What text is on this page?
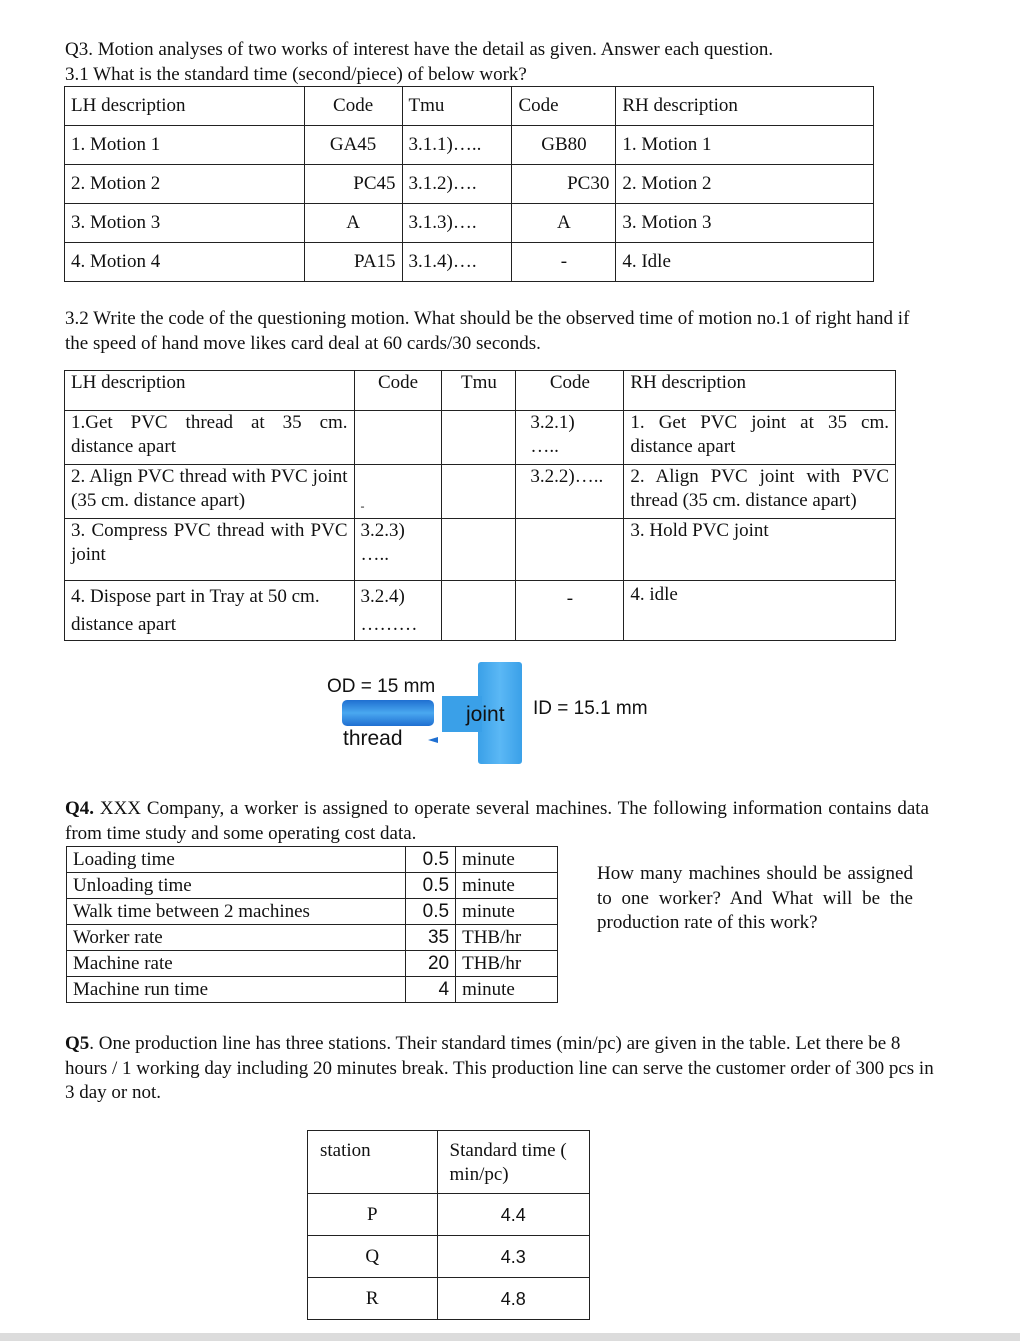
Q3. Motion analyses of two works of interest have the detail as given. Answer each question.
3.1 What is the standard time (second/piece) of below work?
LH description	Code	Tmu	Code	RH description
1. Motion 1	GA45	3.1.1)…..	GB80	1. Motion 1
2. Motion 2	PC45	3.1.2)….	PC30	2. Motion 2
3. Motion 3	A	3.1.3)….	A	3. Motion 3
4. Motion 4	PA15	3.1.4)….	-	4. Idle
3.2 Write the code of the questioning motion. What should be the observed time of motion no.1 of right hand if the speed of hand move likes card deal at 60 cards/30 seconds.
LH description	Code	Tmu	Code	RH description
1.Get PVC thread at 35 cm. distance apart			3.2.1) …..	1. Get PVC joint at 35 cm. distance apart
2. Align PVC thread with PVC joint (35 cm. distance apart)	-		3.2.2)…..	2. Align PVC joint with PVC thread (35 cm. distance apart)
3. Compress PVC thread with PVC joint	3.2.3) …..			3. Hold PVC joint
4. Dispose part in Tray at 50 cm. distance apart	3.2.4) ………		-	4. idle
OD = 15 mm
thread
joint ID = 15.1 mm
Q4. XXX Company, a worker is assigned to operate several machines. The following information contains data from time study and some operating cost data.
Loading time	0.5	minute
Unloading time	0.5	minute
Walk time between 2 machines	0.5	minute
Worker rate	35	THB/hr
Machine rate	20	THB/hr
Machine run time	4	minute
How many machines should be assigned to one worker? And What will be the production rate of this work?
Q5. One production line has three stations. Their standard times (min/pc) are given in the table. Let there be 8 hours / 1 working day including 20 minutes break. This production line can serve the customer order of 300 pcs in 3 day or not.
station	Standard time ( min/pc)
P	4.4
Q	4.3
R	4.8
